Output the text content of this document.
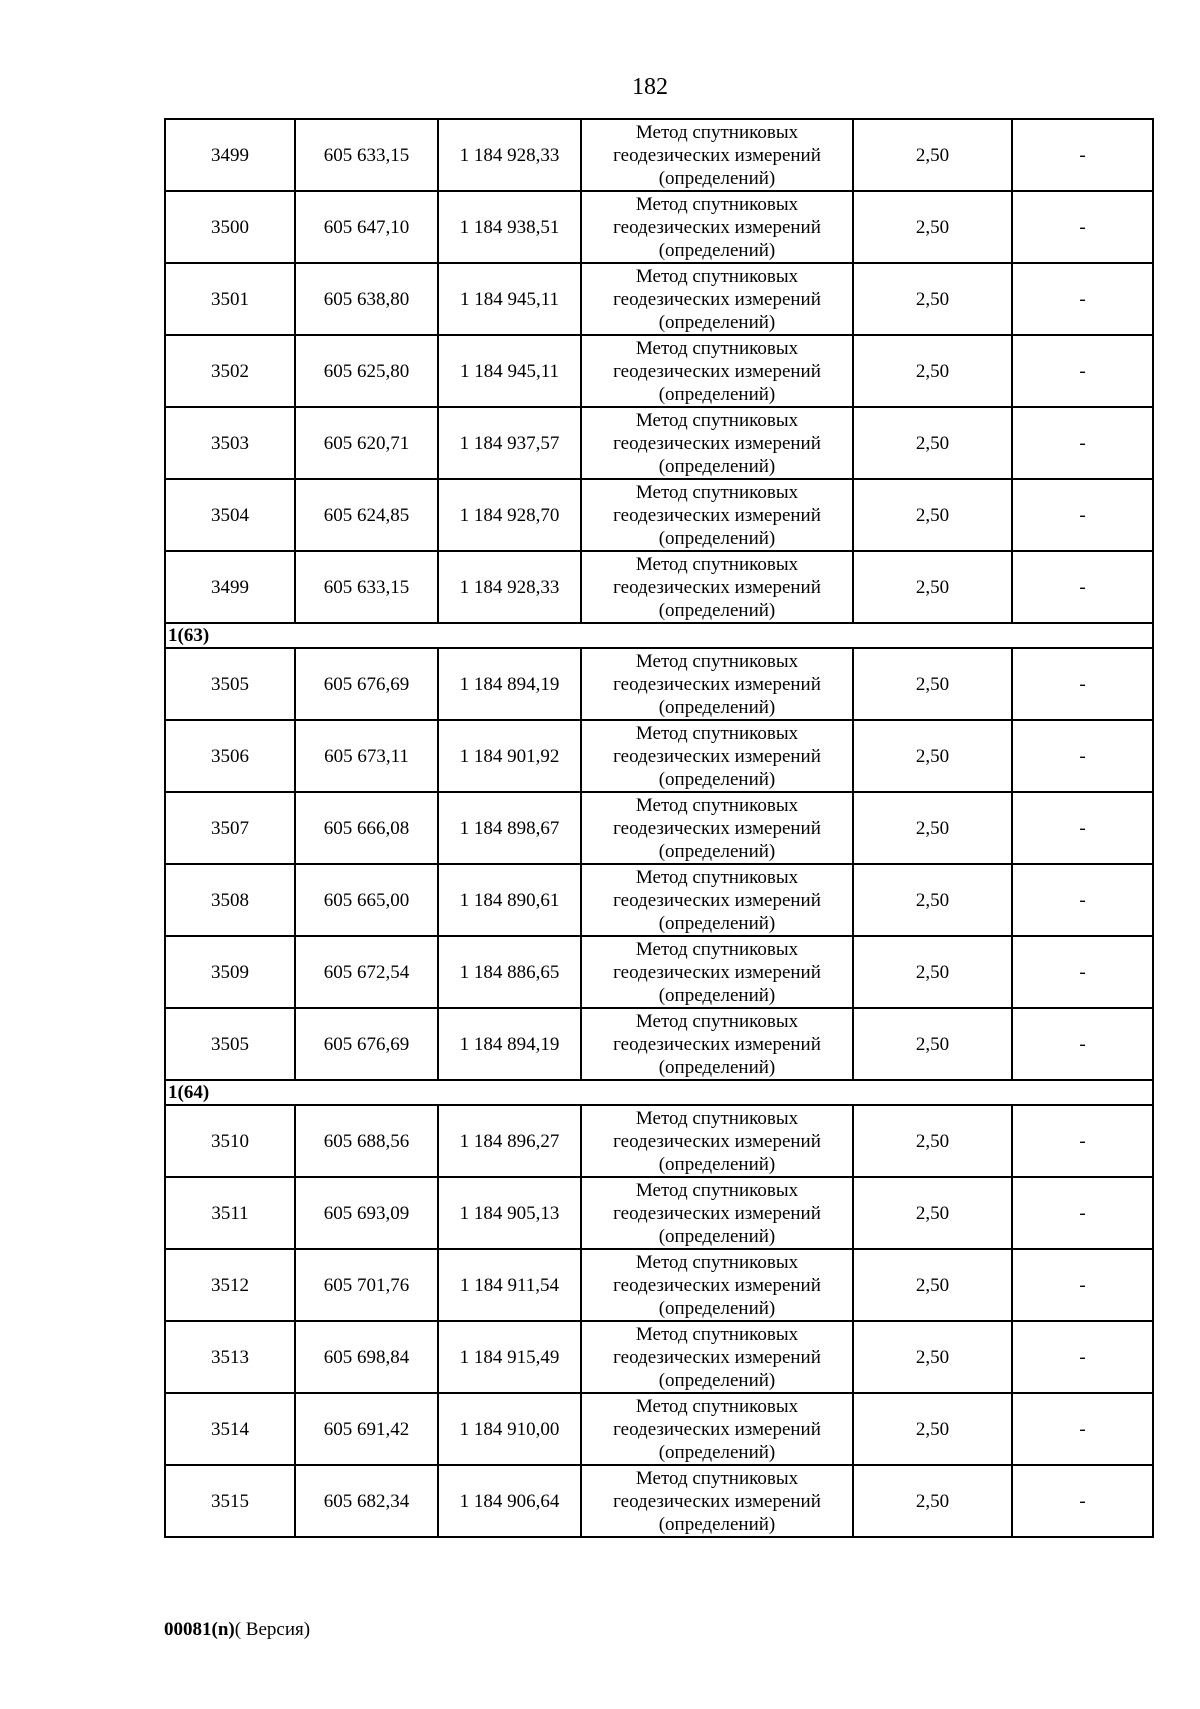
182
3499	605 633,15	1 184 928,33	Метод спутниковых геодезических измерений (определений)	2,50	-
3500	605 647,10	1 184 938,51	Метод спутниковых геодезических измерений (определений)	2,50	-
3501	605 638,80	1 184 945,11	Метод спутниковых геодезических измерений (определений)	2,50	-
3502	605 625,80	1 184 945,11	Метод спутниковых геодезических измерений (определений)	2,50	-
3503	605 620,71	1 184 937,57	Метод спутниковых геодезических измерений (определений)	2,50	-
3504	605 624,85	1 184 928,70	Метод спутниковых геодезических измерений (определений)	2,50	-
3499	605 633,15	1 184 928,33	Метод спутниковых геодезических измерений (определений)	2,50	-
1(63)					
3505	605 676,69	1 184 894,19	Метод спутниковых геодезических измерений (определений)	2,50	-
3506	605 673,11	1 184 901,92	Метод спутниковых геодезических измерений (определений)	2,50	-
3507	605 666,08	1 184 898,67	Метод спутниковых геодезических измерений (определений)	2,50	-
3508	605 665,00	1 184 890,61	Метод спутниковых геодезических измерений (определений)	2,50	-
3509	605 672,54	1 184 886,65	Метод спутниковых геодезических измерений (определений)	2,50	-
3505	605 676,69	1 184 894,19	Метод спутниковых геодезических измерений (определений)	2,50	-
1(64)					
3510	605 688,56	1 184 896,27	Метод спутниковых геодезических измерений (определений)	2,50	-
3511	605 693,09	1 184 905,13	Метод спутниковых геодезических измерений (определений)	2,50	-
3512	605 701,76	1 184 911,54	Метод спутниковых геодезических измерений (определений)	2,50	-
3513	605 698,84	1 184 915,49	Метод спутниковых геодезических измерений (определений)	2,50	-
3514	605 691,42	1 184 910,00	Метод спутниковых геодезических измерений (определений)	2,50	-
3515	605 682,34	1 184 906,64	Метод спутниковых геодезических измерений (определений)	2,50	-
00081(n)( Версия)
